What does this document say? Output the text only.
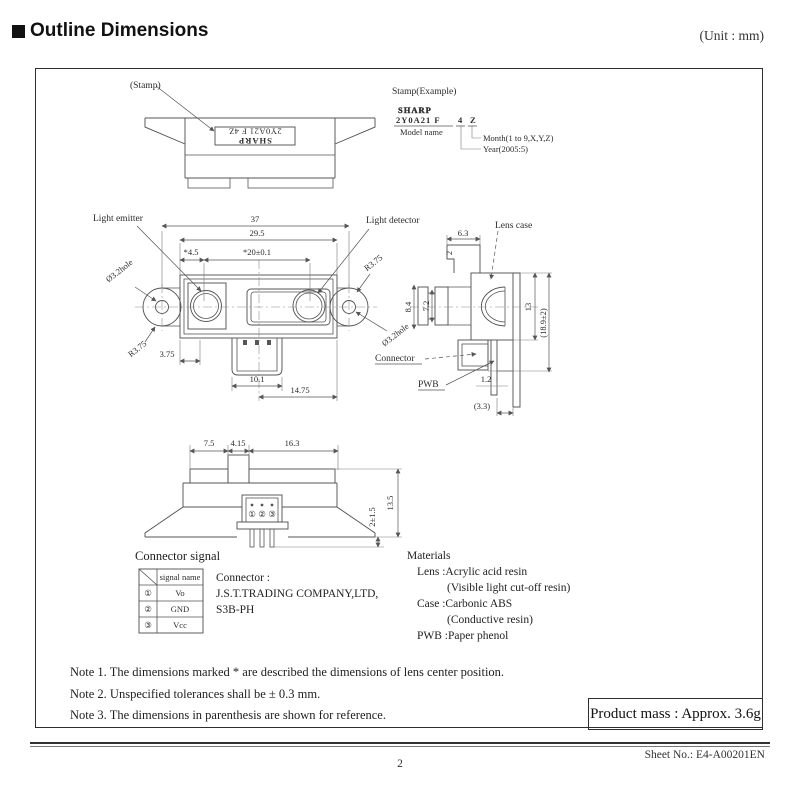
Outline Dimensions	(Unit : mm)
(Stamp)
SHARP
2Y0A21 F 4Z
Stamp(Example)
SHARP
2Y0A21 F 4 Z
Model name
Month(1 to 9,X,Y,Z)
Year(2005:5)
Light emitter	Light detector
37
29.5
*4.5	*20±0.1
Ø3.2hole
R3.75
R3.75
Ø3.2hole
3.75
10.1
14.75
Lens case
6.3
2
8.4 7.2	13
(18.9±2)
Connector
PWB
1.2
(3.3)
7.5 4.15	16.3
① ② ③	2±1.5
13.5
Connector signal
signal name
①	Vo
② GND
③	Vcc
Connector :
J.S.T.TRADING COMPANY,LTD,
S3B-PH
Materials
Lens :Acrylic acid resin
(Visible light cut-off resin)
Case :Carbonic ABS
(Conductive resin)
PWB :Paper phenol
Note 1. The dimensions marked * are described the dimensions of lens center position.
Note 2. Unspecified tolerances shall be ± 0.3 mm.
Note 3. The dimensions in parenthesis are shown for reference.	Product mass : Approx. 3.6g
Sheet No.: E4-A00201EN
2
